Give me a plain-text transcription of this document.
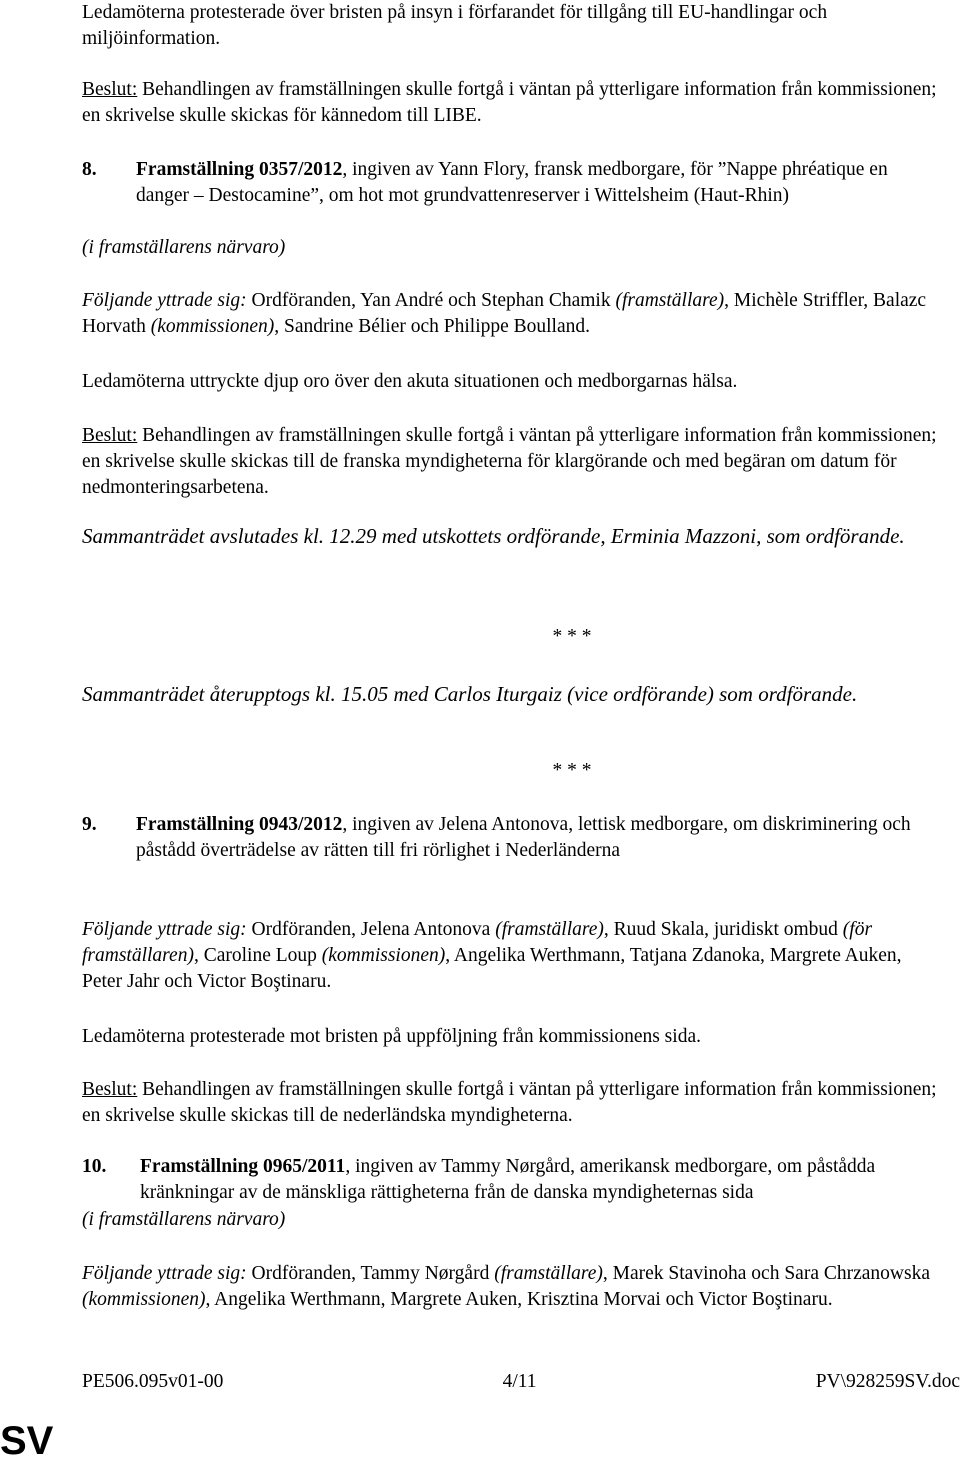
Ledamöterna protesterade över bristen på insyn i förfarandet för tillgång till EU-handlingar och miljöinformation.

Beslut: Behandlingen av framställningen skulle fortgå i väntan på ytterligare information från kommissionen; en skrivelse skulle skickas för kännedom till LIBE.

8.	Framställning 0357/2012, ingiven av Yann Flory, fransk medborgare, för ”Nappe phréatique en danger – Destocamine”, om hot mot grundvattenreserver i Wittelsheim (Haut-Rhin)

(i framställarens närvaro)

Följande yttrade sig: Ordföranden, Yan André och Stephan Chamik (framställare), Michèle Striffler, Balazc Horvath (kommissionen), Sandrine Bélier och Philippe Boulland.

Ledamöterna uttryckte djup oro över den akuta situationen och medborgarnas hälsa.

Beslut: Behandlingen av framställningen skulle fortgå i väntan på ytterligare information från kommissionen; en skrivelse skulle skickas till de franska myndigheterna för klargörande och med begäran om datum för nedmonteringsarbetena.

Sammanträdet avslutades kl. 12.29 med utskottets ordförande, Erminia Mazzoni, som ordförande.

* * *

Sammanträdet återupptogs kl. 15.05 med Carlos Iturgaiz (vice ordförande) som ordförande.

* * *

9.	Framställning 0943/2012, ingiven av Jelena Antonova, lettisk medborgare, om diskriminering och påstådd överträdelse av rätten till fri rörlighet i Nederländerna

Följande yttrade sig: Ordföranden, Jelena Antonova (framställare), Ruud Skala, juridiskt ombud (för framställaren), Caroline Loup (kommissionen), Angelika Werthmann, Tatjana Zdanoka, Margrete Auken, Peter Jahr och Victor Boştinaru.

Ledamöterna protesterade mot bristen på uppföljning från kommissionens sida.

Beslut: Behandlingen av framställningen skulle fortgå i väntan på ytterligare information från kommissionen; en skrivelse skulle skickas till de nederländska myndigheterna.

10.	Framställning 0965/2011, ingiven av Tammy Nørgård, amerikansk medborgare, om påstådda kränkningar av de mänskliga rättigheterna från de danska myndigheternas sida

(i framställarens närvaro)

Följande yttrade sig: Ordföranden, Tammy Nørgård (framställare), Marek Stavinoha och Sara Chrzanowska (kommissionen), Angelika Werthmann, Margrete Auken, Krisztina Morvai och Victor Boştinaru.

PE506.095v01-00	4/11	PV\928259SV.doc
SV
